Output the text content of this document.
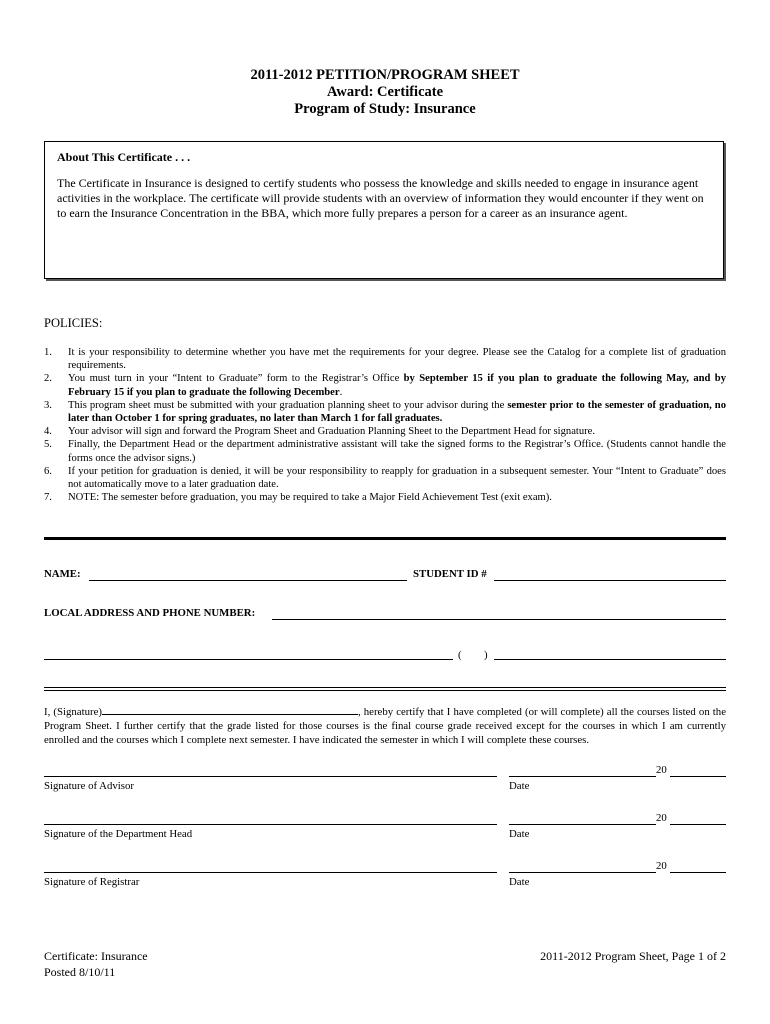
2011-2012 PETITION/PROGRAM SHEET
Award: Certificate
Program of Study: Insurance
About This Certificate . . .
The Certificate in Insurance is designed to certify students who possess the knowledge and skills needed to engage in insurance agent activities in the workplace. The certificate will provide students with an overview of information they would encounter if they went on to earn the Insurance Concentration in the BBA, which more fully prepares a person for a career as an insurance agent.
POLICIES:
1. It is your responsibility to determine whether you have met the requirements for your degree. Please see the Catalog for a complete list of graduation requirements.
2. You must turn in your “Intent to Graduate” form to the Registrar’s Office by September 15 if you plan to graduate the following May, and by February 15 if you plan to graduate the following December.
3. This program sheet must be submitted with your graduation planning sheet to your advisor during the semester prior to the semester of graduation, no later than October 1 for spring graduates, no later than March 1 for fall graduates.
4. Your advisor will sign and forward the Program Sheet and Graduation Planning Sheet to the Department Head for signature.
5. Finally, the Department Head or the department administrative assistant will take the signed forms to the Registrar’s Office. (Students cannot handle the forms once the advisor signs.)
6. If your petition for graduation is denied, it will be your responsibility to reapply for graduation in a subsequent semester. Your “Intent to Graduate” does not automatically move to a later graduation date.
7. NOTE: The semester before graduation, you may be required to take a Major Field Achievement Test (exit exam).
NAME:	STUDENT ID #
LOCAL ADDRESS AND PHONE NUMBER:
( )
I, (Signature)	, hereby certify that I have completed (or will complete) all the courses listed on the Program Sheet. I further certify that the grade listed for those courses is the final course grade received except for the courses in which I am currently enrolled and the courses which I complete next semester. I have indicated the semester in which I will complete these courses.
20
Signature of Advisor	Date
20
Signature of the Department Head	Date
20
Signature of Registrar	Date
Certificate: Insurance
Posted 8/10/11
2011-2012 Program Sheet, Page 1 of 2
